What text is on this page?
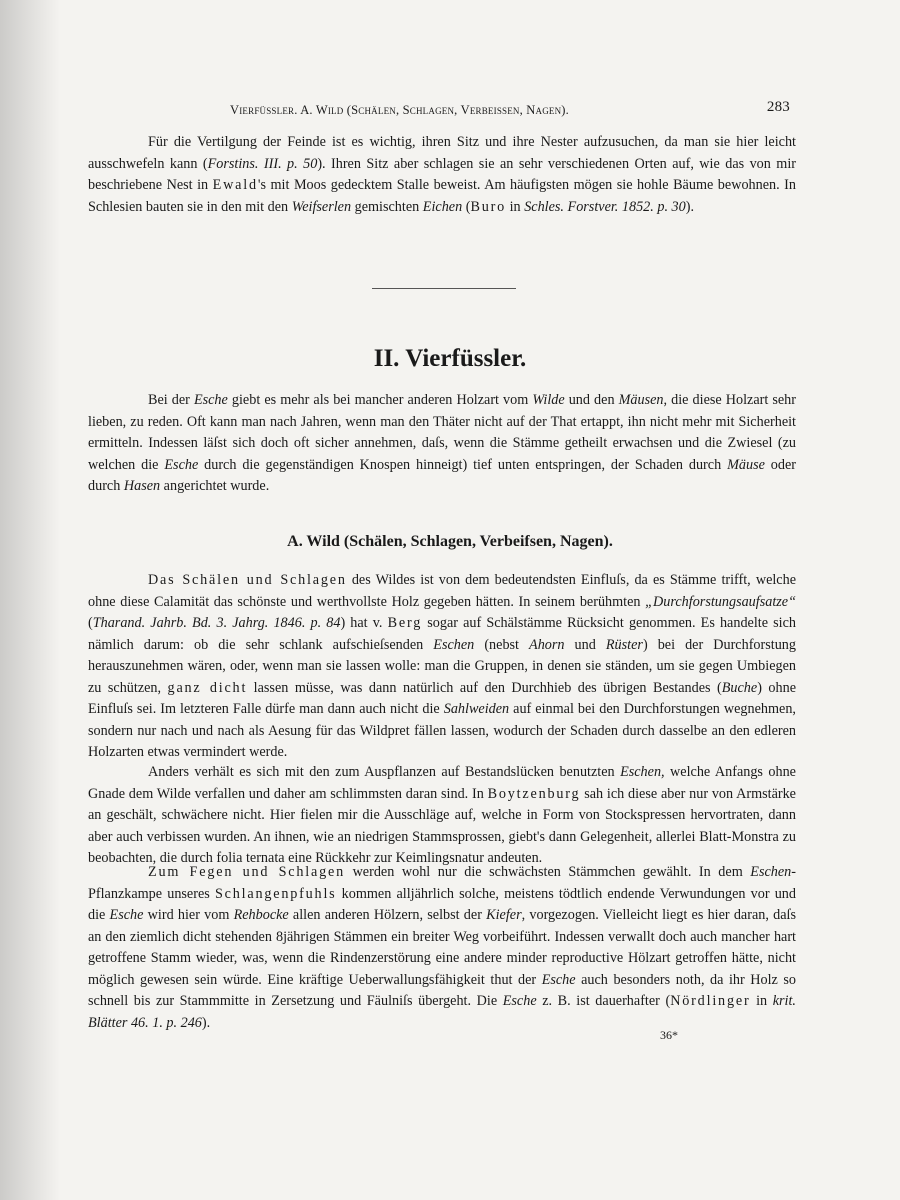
Vierfüssler. A. Wild (Schälen, Schlagen, Verbeissen, Nagen).	283

Für die Vertilgung der Feinde ist es wichtig, ihren Sitz und ihre Nester aufzusuchen, da man sie hier leicht ausschwefeln kann (Forstins. III. p. 50). Ihren Sitz aber schlagen sie an sehr verschiedenen Orten auf, wie das von mir beschriebene Nest in Ewald's mit Moos gedecktem Stalle beweist. Am häufigsten mögen sie hohle Bäume bewohnen. In Schlesien bauten sie in den mit den Weifserlen gemischten Eichen (Buro in Schles. Forstver. 1852. p. 30).

II. Vierfüssler.

Bei der Esche giebt es mehr als bei mancher anderen Holzart vom Wilde und den Mäusen, die diese Holzart sehr lieben, zu reden. Oft kann man nach Jahren, wenn man den Thäter nicht auf der That ertappt, ihn nicht mehr mit Sicherheit ermitteln. Indessen läſst sich doch oft sicher annehmen, daſs, wenn die Stämme getheilt erwachsen und die Zwiesel (zu welchen die Esche durch die gegenständigen Knospen hinneigt) tief unten entspringen, der Schaden durch Mäuse oder durch Hasen angerichtet wurde.

A. Wild (Schälen, Schlagen, Verbeifsen, Nagen).

Das Schälen und Schlagen des Wildes ist von dem bedeutendsten Einfluſs, da es Stämme trifft, welche ohne diese Calamität das schönste und werthvollste Holz gegeben hätten. In seinem berühmten „Durchforstungsaufsatze“ (Tharand. Jahrb. Bd. 3. Jahrg. 1846. p. 84) hat v. Berg sogar auf Schälstämme Rücksicht genommen. Es handelte sich nämlich darum: ob die sehr schlank aufschieſsenden Eschen (nebst Ahorn und Rüster) bei der Durchforstung herauszunehmen wären, oder, wenn man sie lassen wolle: man die Gruppen, in denen sie ständen, um sie gegen Umbiegen zu schützen, ganz dicht lassen müsse, was dann natürlich auf den Durchhieb des übrigen Bestandes (Buche) ohne Einfluſs sei. Im letzteren Falle dürfe man dann auch nicht die Sahlweiden auf einmal bei den Durchforstungen wegnehmen, sondern nur nach und nach als Aesung für das Wildpret fällen lassen, wodurch der Schaden durch dasselbe an den edleren Holzarten etwas vermindert werde.

Anders verhält es sich mit den zum Auspflanzen auf Bestandslücken benutzten Eschen, welche Anfangs ohne Gnade dem Wilde verfallen und daher am schlimmsten daran sind. In Boytzenburg sah ich diese aber nur von Armstärke an geschält, schwächere nicht. Hier fielen mir die Ausschläge auf, welche in Form von Stockspressen hervortraten, dann aber auch verbissen wurden. An ihnen, wie an niedrigen Stammsprossen, giebt's dann Gelegenheit, allerlei Blatt-Monstra zu beobachten, die durch folia ternata eine Rückkehr zur Keimlingsnatur andeuten.

Zum Fegen und Schlagen werden wohl nur die schwächsten Stämmchen gewählt. In dem Eschen-Pflanzkampe unseres Schlangenpfuhls kommen alljährlich solche, meistens tödtlich endende Verwundungen vor und die Esche wird hier vom Rehbocke allen anderen Hölzern, selbst der Kiefer, vorgezogen. Vielleicht liegt es hier daran, daſs an den ziemlich dicht stehenden 8jährigen Stämmen ein breiter Weg vorbeiführt. Indessen verwallt doch auch mancher hart getroffene Stamm wieder, was, wenn die Rindenzerstörung eine andere minder reproductive Hölzart getroffen hätte, nicht möglich gewesen sein würde. Eine kräftige Ueberwallungsfähigkeit thut der Esche auch besonders noth, da ihr Holz so schnell bis zur Stammmitte in Zersetzung und Fäulniſs übergeht. Die Esche z. B. ist dauerhafter (Nördlinger in krit. Blätter 46. 1. p. 246).

36*
